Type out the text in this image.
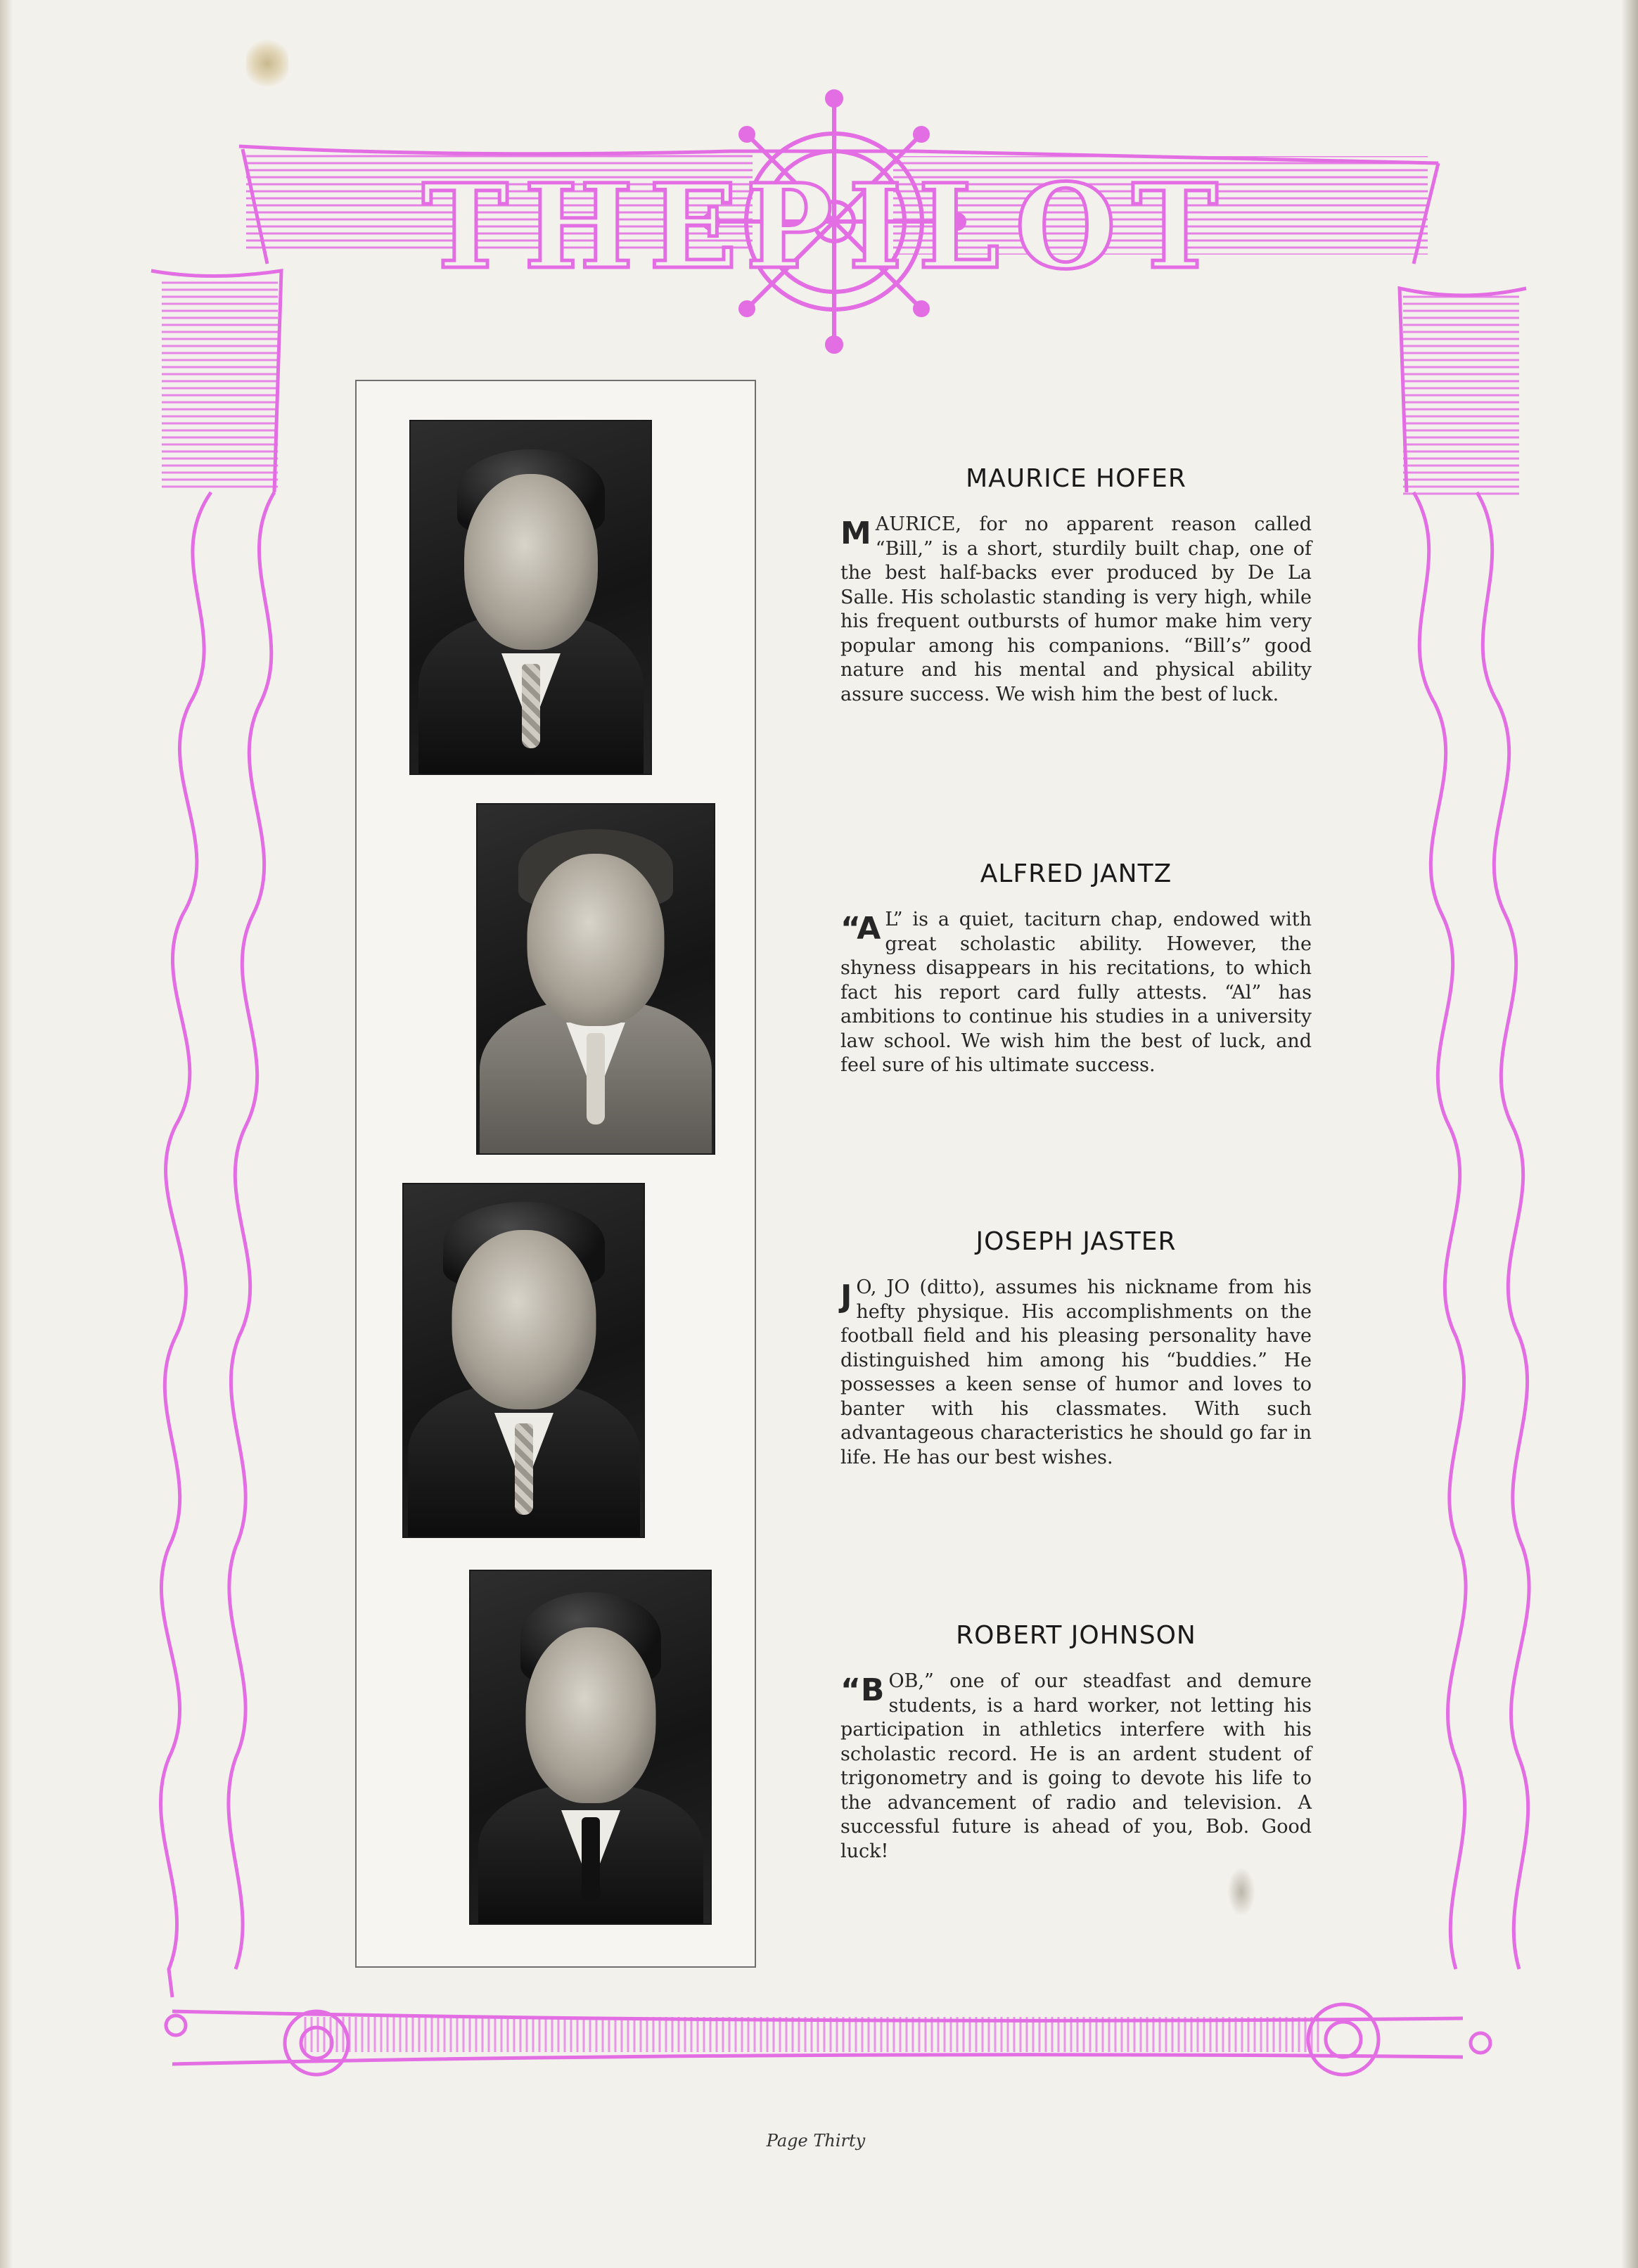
THE
PILOT
MAURICE HOFER

MAURICE, for no apparent reason called “Bill,” is a short, sturdily built chap, one of the best half-backs ever produced by De La Salle. His scholastic standing is very high, while his frequent outbursts of humor make him very popular among his companions. “Bill’s” good nature and his mental and physical ability assure success. We wish him the best of luck.

ALFRED JANTZ

“A L” is a quiet, taciturn chap, endowed with great scholastic ability. However, the shyness disappears in his recitations, to which fact his report card fully attests. “Al” has ambitions to continue his studies in a university law school. We wish him the best of luck, and feel sure of his ultimate success.

JOSEPH JASTER

J O, JO (ditto), assumes his nickname from his hefty physique. His accomplishments on the football field and his pleasing personality have distinguished him among his “buddies.” He possesses a keen sense of humor and loves to banter with his classmates. With such advantageous characteristics he should go far in life. He has our best wishes.

ROBERT JOHNSON

“BOB,” one of our steadfast and demure students, is a hard worker, not letting his participation in athletics interfere with his scholastic record. He is an ardent student of trigonometry and is going to devote his life to the advancement of radio and television. A successful future is ahead of you, Bob. Good luck!

Page Thirty
